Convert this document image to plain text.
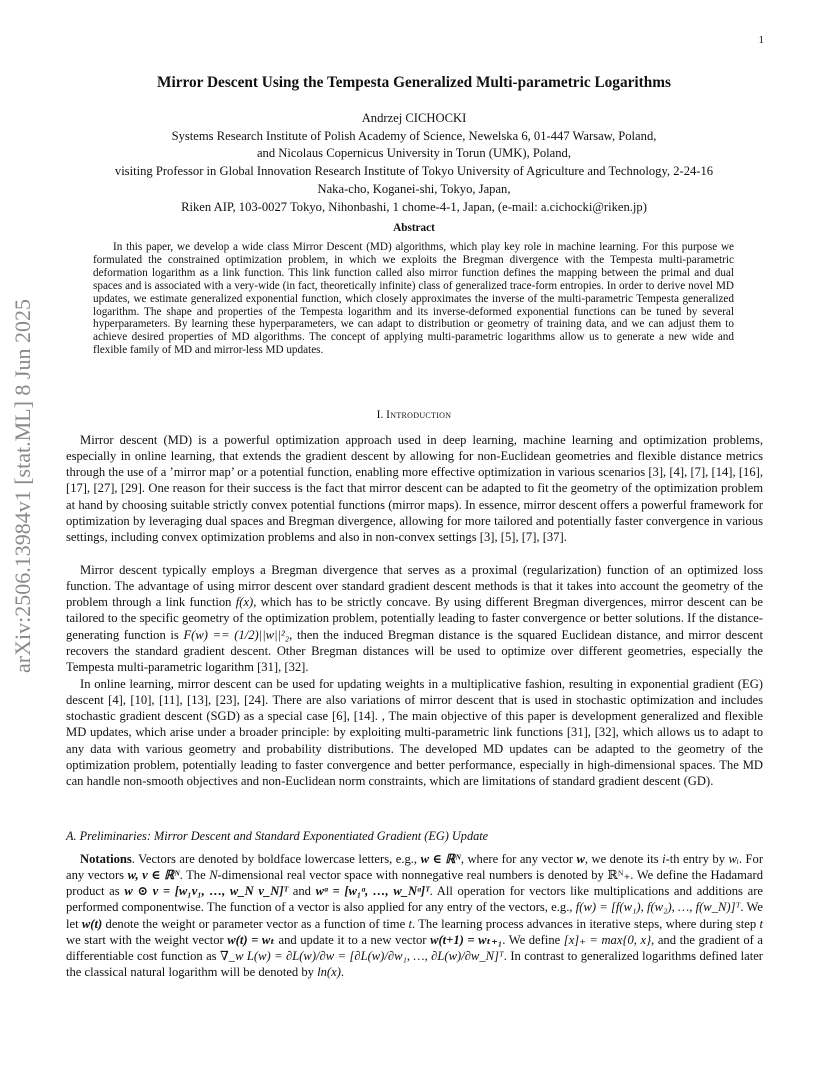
1
arXiv:2506.13984v1 [stat.ML] 8 Jun 2025
Mirror Descent Using the Tempesta Generalized Multi-parametric Logarithms
Andrzej CICHOCKI
Systems Research Institute of Polish Academy of Science, Newelska 6, 01-447 Warsaw, Poland,
and Nicolaus Copernicus University in Torun (UMK), Poland,
visiting Professor in Global Innovation Research Institute of Tokyo University of Agriculture and Technology, 2-24-16
Naka-cho, Koganei-shi, Tokyo, Japan,
Riken AIP, 103-0027 Tokyo, Nihonbashi, 1 chome-4-1, Japan, (e-mail: a.cichocki@riken.jp)
Abstract
In this paper, we develop a wide class Mirror Descent (MD) algorithms, which play key role in machine learning. For this purpose we formulated the constrained optimization problem, in which we exploits the Bregman divergence with the Tempesta multi-parametric deformation logarithm as a link function. This link function called also mirror function defines the mapping between the primal and dual spaces and is associated with a very-wide (in fact, theoretically infinite) class of generalized trace-form entropies. In order to derive novel MD updates, we estimate generalized exponential function, which closely approximates the inverse of the multi-parametric Tempesta generalized logarithm. The shape and properties of the Tempesta logarithm and its inverse-deformed exponential functions can be tuned by several hyperparameters. By learning these hyperparameters, we can adapt to distribution or geometry of training data, and we can adjust them to achieve desired properties of MD algorithms. The concept of applying multi-parametric logarithms allow us to generate a new wide and flexible family of MD and mirror-less MD updates.
I. Introduction

Mirror descent (MD) is a powerful optimization approach used in deep learning, machine learning and optimization problems, especially in online learning, that extends the gradient descent by allowing for non-Euclidean geometries and flexible distance metrics through the use of a ’mirror map’ or a potential function, enabling more effective optimization in various scenarios [3], [4], [7], [14], [16], [17], [27], [29]. One reason for their success is the fact that mirror descent can be adapted to fit the geometry of the optimization problem at hand by choosing suitable strictly convex potential functions (mirror maps). In essence, mirror descent offers a powerful framework for optimization by leveraging dual spaces and Bregman divergence, allowing for more tailored and potentially faster convergence in various settings, including convex optimization problems and also in non-convex settings [3], [5], [7], [37].

Mirror descent typically employs a Bregman divergence that serves as a proximal (regularization) function of an optimized loss function. The advantage of using mirror descent over standard gradient descent methods is that it takes into account the geometry of the problem through a link function f(x), which has to be strictly concave. By using different Bregman divergences, mirror descent can be tailored to the specific geometry of the optimization problem, potentially leading to faster convergence or better solutions. If the distance-generating function is F(w) == (1/2)||w||²₂, then the induced Bregman distance is the squared Euclidean distance, and mirror descent recovers the standard gradient descent. Other Bregman distances will be used to optimize over different geometries, especially the Tempesta multi-parametric logarithm [31], [32].

In online learning, mirror descent can be used for updating weights in a multiplicative fashion, resulting in exponential gradient (EG) descent [4], [10], [11], [13], [23], [24]. There are also variations of mirror descent that is used in stochastic optimization and includes stochastic gradient descent (SGD) as a special case [6], [14]. , The main objective of this paper is development generalized and flexible MD updates, which arise under a broader principle: by exploiting multi-parametric link functions [31], [32], which allows us to adapt to any data with various geometry and probability distributions. The developed MD updates can be adapted to the geometry of the optimization problem, potentially leading to faster convergence and better performance, especially in high-dimensional spaces. The MD can handle non-smooth objectives and non-Euclidean norm constraints, which are limitations of standard gradient descent (GD).

A. Preliminaries: Mirror Descent and Standard Exponentiated Gradient (EG) Update

Notations. Vectors are denoted by boldface lowercase letters, e.g., w ∈ ℝᴺ, where for any vector w, we denote its i-th entry by wᵢ. For any vectors w, v ∈ ℝᴺ. The N-dimensional real vector space with nonnegative real numbers is denoted by ℝᴺ₊. We define the Hadamard product as w ⊙ v = [w₁v₁, …, w_N v_N]ᵀ and wᵅ = [w₁ᵅ, …, w_Nᵅ]ᵀ. All operation for vectors like multiplications and additions are performed componentwise. The function of a vector is also applied for any entry of the vectors, e.g., f(w) = [f(w₁), f(w₂), …, f(w_N)]ᵀ. We let w(t) denote the weight or parameter vector as a function of time t. The learning process advances in iterative steps, where during step t we start with the weight vector w(t) = wₜ and update it to a new vector w(t+1) = wₜ₊₁. We define [x]₊ = max{0, x}, and the gradient of a differentiable cost function as ∇_w L(w) = ∂L(w)/∂w = [∂L(w)/∂w₁, …, ∂L(w)/∂w_N]ᵀ. In contrast to generalized logarithms defined later the classical natural logarithm will be denoted by ln(x).
